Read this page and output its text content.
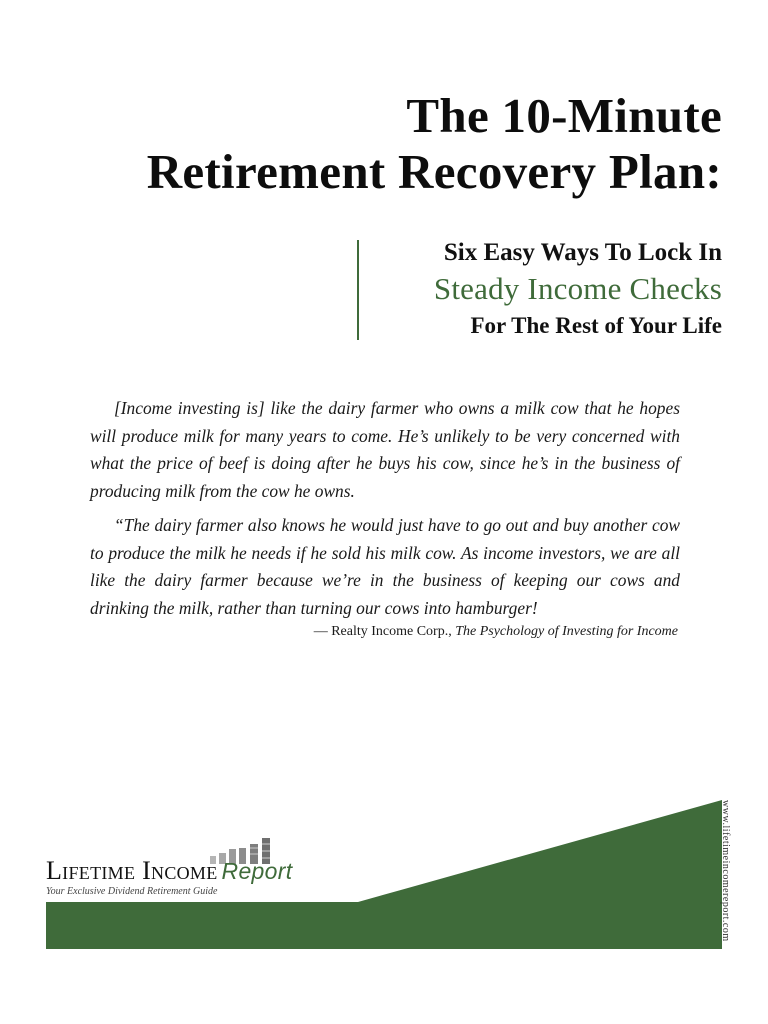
The 10-Minute
Retirement Recovery Plan:
Six Easy Ways To Lock In
Steady Income Checks
For The Rest of Your Life

[Income investing is] like the dairy farmer who owns a milk cow that he hopes will produce milk for many years to come. He’s unlikely to be very concerned with what the price of beef is doing after he buys his cow, since he’s in the business of producing milk from the cow he owns.

“The dairy farmer also knows he would just have to go out and buy another cow to produce the milk he needs if he sold his milk cow. As income investors, we are all like the dairy farmer because we’re in the business of keeping our cows and drinking the milk, rather than turning our cows into hamburger!

— Realty Income Corp., The Psychology of Investing for Income
Lifetime Income Report
Your Exclusive Dividend Retirement Guide	www.lifetimeincomereport.com
